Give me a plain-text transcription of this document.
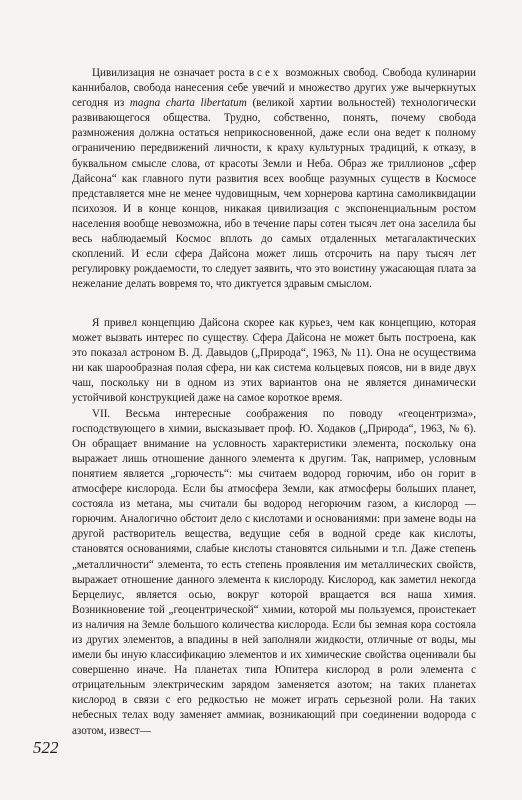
Цивилизация не означает роста всех возможных свобод. Свобода кулинарии каннибалов, свобода нанесения себе увечий и множество других уже вычеркнутых сегодня из magna charta libertatum (великой хартии вольностей) технологически развивающегося общества. Трудно, собственно, понять, почему свобода размножения должна остаться неприкосновенной, даже если она ведет к полному ограничению передвижений личности, к краху культурных традиций, к отказу, в буквальном смысле слова, от красоты Земли и Неба. Образ же триллионов „сфер Дайсона“ как главного пути развития всех вообще разумных существ в Космосе представляется мне не менее чудовищным, чем хорнерова картина самоликвидации психозоя. И в конце концов, никакая цивилизация с экспоненциальным ростом населения вообще невозможна, ибо в течение пары сотен тысяч лет она заселила бы весь наблюдаемый Космос вплоть до самых отдаленных метагалактических скоплений. И если сфера Дайсона может лишь отсрочить на пару тысяч лет регулировку рождаемости, то следует заявить, что это воистину ужасающая плата за нежелание делать вовремя то, что диктуется здравым смыслом.

Я привел концепцию Дайсона скорее как курьез, чем как концепцию, которая может вызвать интерес по существу. Сфера Дайсона не может быть построена, как это показал астроном В. Д. Давыдов („Природа“, 1963, № 11). Она не осуществима ни как шарообразная полая сфера, ни как система кольцевых поясов, ни в виде двух чаш, поскольку ни в одном из этих вариантов она не является динамически устойчивой конструкцией даже на самое короткое время.

VII. Весьма интересные соображения по поводу «геоцентризма», господствующего в химии, высказывает проф. Ю. Ходаков („Природа“, 1963, № 6). Он обращает внимание на условность характеристики элемента, поскольку она выражает лишь отношение данного элемента к другим. Так, например, условным понятием является „горючесть“: мы считаем водород горючим, ибо он горит в атмосфере кислорода. Если бы атмосфера Земли, как атмосферы больших планет, состояла из метана, мы считали бы водород негорючим газом, а кислород — горючим. Аналогично обстоит дело с кислотами и основаниями: при замене воды на другой растворитель вещества, ведущие себя в водной среде как кислоты, становятся основаниями, слабые кислоты становятся сильными и т.п. Даже степень „металличности“ элемента, то есть степень проявления им металлических свойств, выражает отношение данного элемента к кислороду. Кислород, как заметил некогда Берцелиус, является осью, вокруг которой вращается вся наша химия. Возникновение той „геоцентрической“ химии, которой мы пользуемся, проистекает из наличия на Земле большого количества кислорода. Если бы земная кора состояла из других элементов, а впадины в ней заполняли жидкости, отличные от воды, мы имели бы иную классификацию элементов и их химические свойства оценивали бы совершенно иначе. На планетах типа Юпитера кислород в роли элемента с отрицательным электрическим зарядом заменяется азотом; на таких планетах кислород в связи с его редкостью не может играть серьезной роли. На таких небесных телах воду заменяет аммиак, возникающий при соединении водорода с азотом, извест—

522
